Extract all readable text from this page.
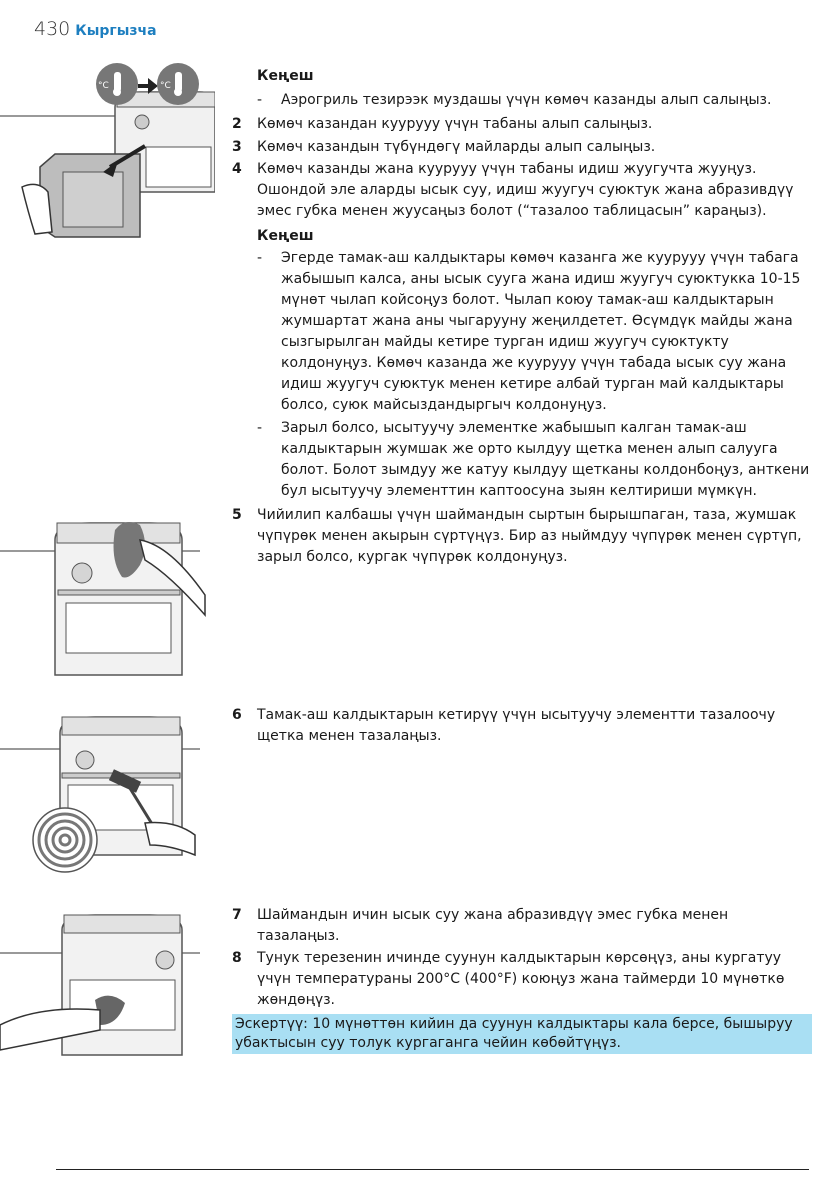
430 Кыргызча
°C	°C
Кеңеш
-	Аэрогриль тезирээк муздашы үчүн көмөч казанды алып салыңыз.
2	Көмөч казандан куурууу үчүн табаны алып салыңыз.
3	Көмөч казандын түбүндөгү майларды алып салыңыз.
4	Көмөч казанды жана куурууу үчүн табаны идиш жуугучта жууңуз. Ошондой эле аларды ысык суу, идиш жуугуч суюктук жана абразивдүү эмес губка менен жуусаңыз болот (“тазалоо таблицасын” караңыз).
Кеңеш
-	Эгерде тамак-аш калдыктары көмөч казанга же куурууу үчүн табага жабышып калса, аны ысык сууга жана идиш жуугуч суюктукка 10-15 мүнөт чылап койсоңуз болот. Чылап коюу тамак-аш калдыктарын жумшартат жана аны чыгарууну жеңилдетет. Өсүмдүк майды жана сызгырылган майды кетире турган идиш жуугуч суюктукту колдонуңуз. Көмөч казанда же куурууу үчүн табада ысык суу жана идиш жуугуч суюктук менен кетире албай турган май калдыктары болсо, суюк майсыздандыргыч колдонуңуз.
-	Зарыл болсо, ысытуучу элементке жабышып калган тамак-аш калдыктарын жумшак же орто кылдуу щетка менен алып салууга болот. Болот зымдуу же катуу кылдуу щетканы колдонбоңуз, анткени бул ысытуучу элементтин каптоосуна зыян келтириши мүмкүн.
5	Чийилип калбашы үчүн шаймандын сыртын бырышпаган, таза, жумшак чүпүрөк менен акырын сүртүңүз. Бир аз ныймдуу чүпүрөк менен сүртүп, зарыл болсо, кургак чүпүрөк колдонуңуз.
6	Тамак-аш калдыктарын кетирүү үчүн ысытуучу элементти тазалоочу щетка менен тазалаңыз.
7	Шаймандын ичин ысык суу жана абразивдүү эмес губка менен тазалаңыз.
8	Тунук терезенин ичинде суунун калдыктарын көрсөңүз, аны кургатуу үчүн температураны 200°C (400°F) коюңуз жана таймерди 10 мүнөткө жөндөңүз.
Эскертүү: 10 мүнөттөн кийин да суунун калдыктары кала берсе, бышыруу убактысын суу толук кургаганга чейин көбөйтүңүз.
